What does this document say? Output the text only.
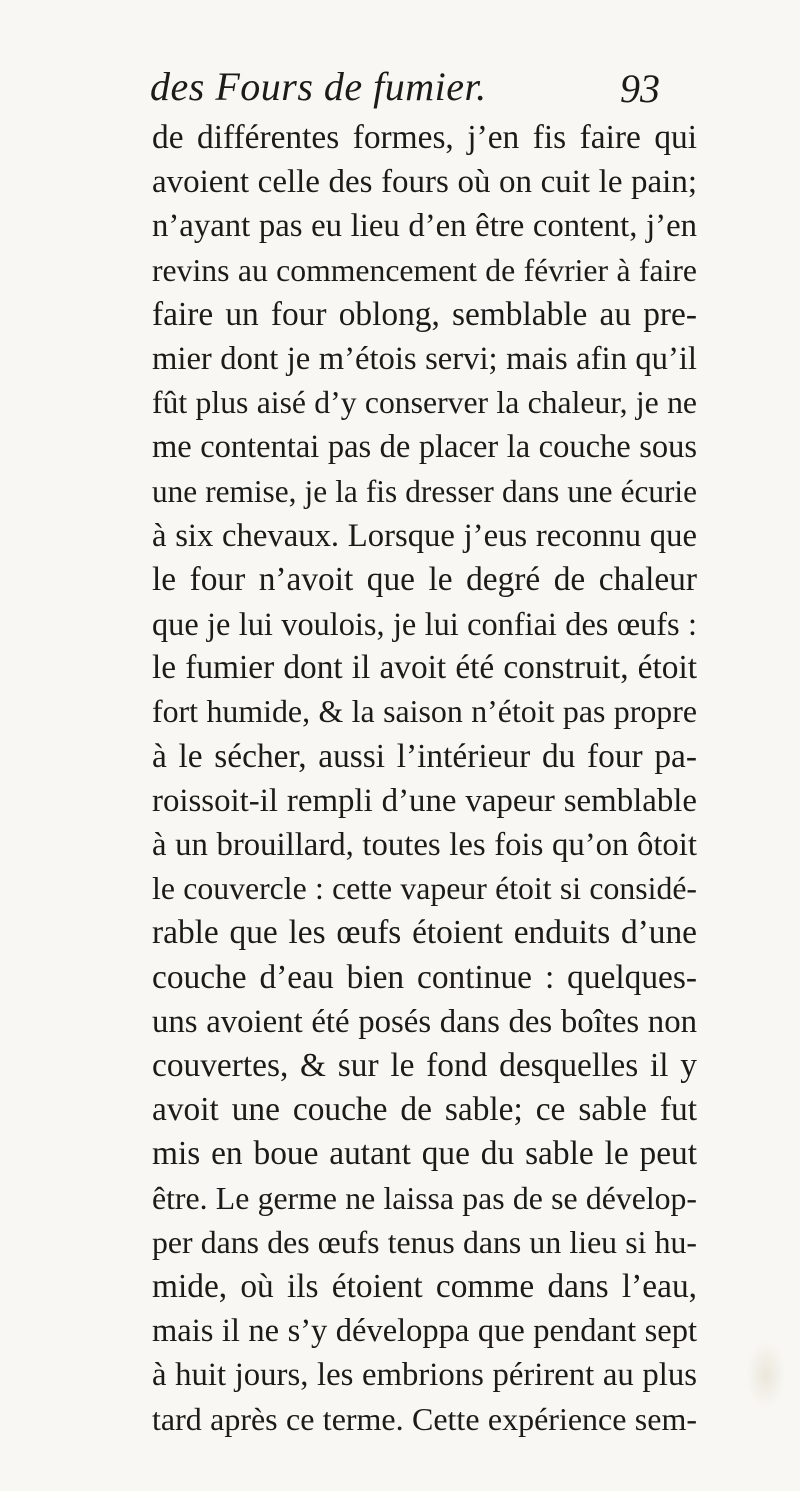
des Fours de fumier.	93
de différentes formes, j’en fis faire qui
avoient celle des fours où on cuit le pain;
n’ayant pas eu lieu d’en être content, j’en
revins au commencement de février à faire
faire un four oblong, semblable au pre-
mier dont je m’étois servi; mais afin qu’il
fût plus aisé d’y conserver la chaleur, je ne
me contentai pas de placer la couche sous
une remise, je la fis dresser dans une écurie
à six chevaux. Lorsque j’eus reconnu que
le four n’avoit que le degré de chaleur
que je lui voulois, je lui confiai des œufs :
le fumier dont il avoit été construit, étoit
fort humide, & la saison n’étoit pas propre
à le sécher, aussi l’intérieur du four pa-
roissoit-il rempli d’une vapeur semblable
à un brouillard, toutes les fois qu’on ôtoit
le couvercle : cette vapeur étoit si considé-
rable que les œufs étoient enduits d’une
couche d’eau bien continue : quelques-
uns avoient été posés dans des boîtes non
couvertes, & sur le fond desquelles il y
avoit une couche de sable; ce sable fut
mis en boue autant que du sable le peut
être. Le germe ne laissa pas de se dévelop-
per dans des œufs tenus dans un lieu si hu-
mide, où ils étoient comme dans l’eau,
mais il ne s’y développa que pendant sept
à huit jours, les embrions périrent au plus
tard après ce terme. Cette expérience sem-
